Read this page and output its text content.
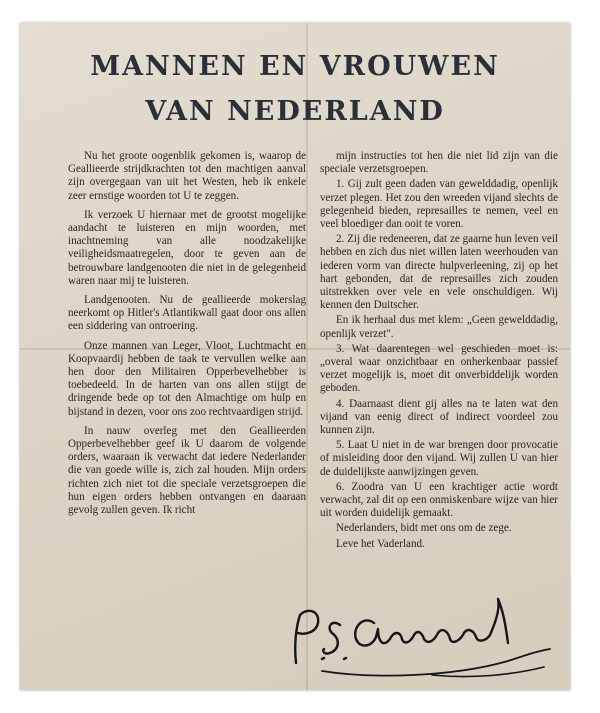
MANNEN EN VROUWEN
VAN NEDERLAND

Nu het groote oogenblik gekomen is, waarop de Geallieerde strijdkrachten tot den machtigen aanval zijn overgegaan van uit het Westen, heb ik enkele zeer ernstige woorden tot U te zeggen.

Ik verzoek U hiernaar met de grootst mogelijke aandacht te luisteren en mijn woorden, met inachtneming van alle noodzakelijke veiligheidsmaatregelen, door te geven aan de betrouwbare landgenooten die niet in de gelegenheid waren naar mij te luisteren.

Landgenooten. Nu de geallieerde mokerslag neerkomt op Hitler's Atlantikwall gaat door ons allen een siddering van ontroering.

Onze mannen van Leger, Vloot, Luchtmacht en Koopvaardij hebben de taak te vervullen welke aan hen door den Militairen Opperbevelhebber is toebedeeld. In de harten van ons allen stijgt de dringende bede op tot den Almachtige om hulp en bijstand in dezen, voor ons zoo rechtvaardigen strijd.

In nauw overleg met den Geallieerden Opperbevelhebber geef ik U daarom de volgende orders, waaraan ik verwacht dat iedere Nederlander die van goede wille is, zich zal houden. Mijn orders richten zich niet tot die speciale verzetsgroepen die hun eigen orders hebben ontvangen en daaraan gevolg zullen geven. Ik richt

mijn instructies tot hen die niet lid zijn van die speciale verzetsgroepen.

1. Gij zult geen daden van gewelddadig, openlijk verzet plegen. Het zou den wreeden vijand slechts de gelegenheid bieden, represailles te nemen, veel en veel bloediger dan ooit te voren.

2. Zij die redeneeren, dat ze gaarne hun leven veil hebben en zich dus niet willen laten weerhouden van iederen vorm van directe hulpverleening, zij op het hart gebonden, dat de represailles zich zouden uitstrekken over vele en vele onschuldigen. Wij kennen den Duitscher.

En ik herhaal dus met klem: „Geen gewelddadig, openlijk verzet".

3. Wat daarentegen wel geschieden moet is: „overal waar onzichtbaar en onherkenbaar passief verzet mogelijk is, moet dit onverbiddelijk worden geboden.

4. Daarnaast dient gij alles na te laten wat den vijand van eenig direct of indirect voordeel zou kunnen zijn.

5. Laat U niet in de war brengen door provocatie of misleiding door den vijand. Wij zullen U van hier de duidelijkste aanwijzingen geven.

6. Zoodra van U een krachtiger actie wordt verwacht, zal dit op een onmiskenbare wijze van hier uit worden duidelijk gemaakt.

Nederlanders, bidt met ons om de zege.

Leve het Vaderland.
